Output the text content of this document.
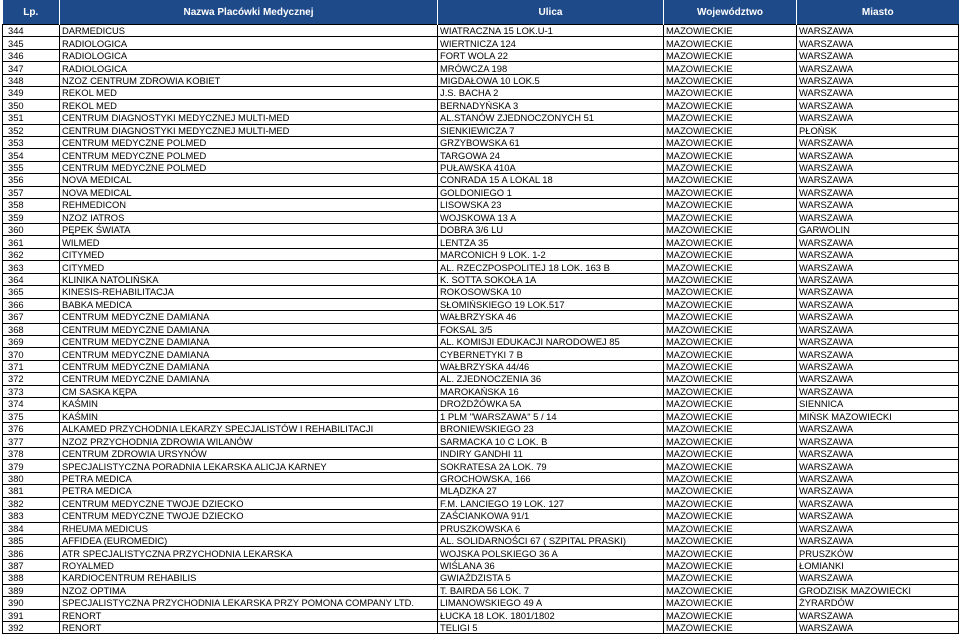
Lp.	Nazwa Placówki Medycznej	Ulica	Województwo	Miasto
344	DARMEDICUS	WIATRACZNA 15 LOK.U-1	MAZOWIECKIE	WARSZAWA
345	RADIOLOGICA	WIERTNICZA 124	MAZOWIECKIE	WARSZAWA
346	RADIOLOGICA	FORT WOLA 22	MAZOWIECKIE	WARSZAWA
347	RADIOLOGICA	MRÓWCZA 198	MAZOWIECKIE	WARSZAWA
348	NZOZ CENTRUM ZDROWIA KOBIET	MIGDAŁOWA 10 LOK.5	MAZOWIECKIE	WARSZAWA
349	REKOL MED	J.S. BACHA 2	MAZOWIECKIE	WARSZAWA
350	REKOL MED	BERNADYŃSKA 3	MAZOWIECKIE	WARSZAWA
351	CENTRUM DIAGNOSTYKI MEDYCZNEJ MULTI-MED	AL.STANÓW ZJEDNOCZONYCH 51	MAZOWIECKIE	WARSZAWA
352	CENTRUM DIAGNOSTYKI MEDYCZNEJ MULTI-MED	SIENKIEWICZA 7	MAZOWIECKIE	PŁOŃSK
353	CENTRUM MEDYCZNE POLMED	GRZYBOWSKA 61	MAZOWIECKIE	WARSZAWA
354	CENTRUM MEDYCZNE POLMED	TARGOWA 24	MAZOWIECKIE	WARSZAWA
355	CENTRUM MEDYCZNE POLMED	PUŁAWSKA 410A	MAZOWIECKIE	WARSZAWA
356	NOVA MEDICAL	CONRADA 15 A LOKAL 18	MAZOWIECKIE	WARSZAWA
357	NOVA MEDICAL	GOLDONIEGO 1	MAZOWIECKIE	WARSZAWA
358	REHMEDICON	LISOWSKA 23	MAZOWIECKIE	WARSZAWA
359	NZOZ IATROS	WOJSKOWA 13 A	MAZOWIECKIE	WARSZAWA
360	PĘPEK ŚWIATA	DOBRA 3/6 LU	MAZOWIECKIE	GARWOLIN
361	WILMED	LENTZA 35	MAZOWIECKIE	WARSZAWA
362	CITYMED	MARCONICH 9 LOK. 1-2	MAZOWIECKIE	WARSZAWA
363	CITYMED	AL. RZECZPOSPOLITEJ 18 LOK. 163 B	MAZOWIECKIE	WARSZAWA
364	KLINIKA NATOLIŃSKA	K. SOTTA SOKOŁA 1A	MAZOWIECKIE	WARSZAWA
365	KINESIS-REHABILITACJA	ROKOSOWSKA 10	MAZOWIECKIE	WARSZAWA
366	BABKA MEDICA	SŁOMIŃSKIEGO 19 LOK.517	MAZOWIECKIE	WARSZAWA
367	CENTRUM MEDYCZNE DAMIANA	WAŁBRZYSKA 46	MAZOWIECKIE	WARSZAWA
368	CENTRUM MEDYCZNE DAMIANA	FOKSAL 3/5	MAZOWIECKIE	WARSZAWA
369	CENTRUM MEDYCZNE DAMIANA	AL. KOMISJI EDUKACJI NARODOWEJ 85	MAZOWIECKIE	WARSZAWA
370	CENTRUM MEDYCZNE DAMIANA	CYBERNETYKI 7 B	MAZOWIECKIE	WARSZAWA
371	CENTRUM MEDYCZNE DAMIANA	WAŁBRZYSKA 44/46	MAZOWIECKIE	WARSZAWA
372	CENTRUM MEDYCZNE DAMIANA	AL. ZJEDNOCZENIA 36	MAZOWIECKIE	WARSZAWA
373	CM SASKA KĘPA	MAROKAŃSKA 16	MAZOWIECKIE	WARSZAWA
374	KAŚMIN	DROŻDŻÓWKA 5A	MAZOWIECKIE	SIENNICA
375	KAŚMIN	1 PLM "WARSZAWA" 5 / 14	MAZOWIECKIE	MIŃSK MAZOWIECKI
376	ALKAMED PRZYCHODNIA LEKARZY SPECJALISTÓW I REHABILITACJI	BRONIEWSKIEGO 23	MAZOWIECKIE	WARSZAWA
377	NZOZ PRZYCHODNIA ZDROWIA WILANÓW	SARMACKA 10 C LOK. B	MAZOWIECKIE	WARSZAWA
378	CENTRUM ZDROWIA URSYNÓW	INDIRY GANDHI 11	MAZOWIECKIE	WARSZAWA
379	SPECJALISTYCZNA PORADNIA LEKARSKA ALICJA KARNEY	SOKRATESA 2A LOK. 79	MAZOWIECKIE	WARSZAWA
380	PETRA MEDICA	GROCHOWSKA, 166	MAZOWIECKIE	WARSZAWA
381	PETRA MEDICA	MLĄDZKA 27	MAZOWIECKIE	WARSZAWA
382	CENTRUM MEDYCZNE TWOJE DZIECKO	F.M. LANCIEGO 19 LOK. 127	MAZOWIECKIE	WARSZAWA
383	CENTRUM MEDYCZNE TWOJE DZIECKO	ZAŚCIANKOWA 91/1	MAZOWIECKIE	WARSZAWA
384	RHEUMA MEDICUS	PRUSZKOWSKA 6	MAZOWIECKIE	WARSZAWA
385	AFFIDEA (EUROMEDIC)	AL. SOLIDARNOŚCI 67 ( SZPITAL PRASKI)	MAZOWIECKIE	WARSZAWA
386	ATR SPECJALISTYCZNA PRZYCHODNIA LEKARSKA	WOJSKA POLSKIEGO 36 A	MAZOWIECKIE	PRUSZKÓW
387	ROYALMED	WIŚLANA 36	MAZOWIECKIE	ŁOMIANKI
388	KARDIOCENTRUM REHABILIS	GWIAŹDZISTA 5	MAZOWIECKIE	WARSZAWA
389	NZOZ OPTIMA	T. BAIRDA 56 LOK. 7	MAZOWIECKIE	GRODZISK MAZOWIECKI
390	SPECJALISTYCZNA PRZYCHODNIA LEKARSKA PRZY POMONA COMPANY LTD.	LIMANOWSKIEGO 49 A	MAZOWIECKIE	ŻYRARDÓW
391	RENORT	ŁUCKA 18 LOK. 1801/1802	MAZOWIECKIE	WARSZAWA
392	RENORT	TELIGI 5	MAZOWIECKIE	WARSZAWA
